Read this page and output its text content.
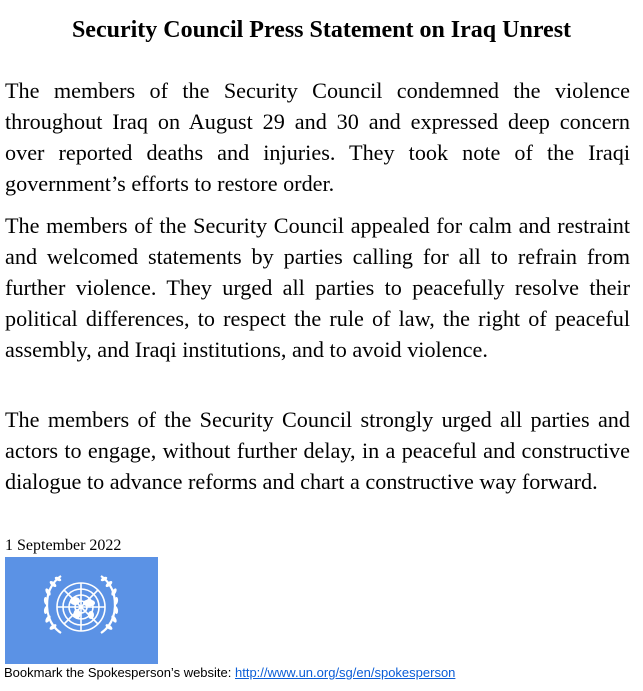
Security Council Press Statement on Iraq Unrest

The members of the Security Council condemned the violence throughout Iraq on August 29 and 30 and expressed deep concern over reported deaths and injuries. They took note of the Iraqi government’s efforts to restore order.

The members of the Security Council appealed for calm and restraint and welcomed statements by parties calling for all to refrain from further violence. They urged all parties to peacefully resolve their political differences, to respect the rule of law, the right of peaceful assembly, and Iraqi institutions, and to avoid violence.

The members of the Security Council strongly urged all parties and actors to engage, without further delay, in a peaceful and constructive dialogue to advance reforms and chart a constructive way forward.

1 September 2022

Bookmark the Spokesperson’s website: http://www.un.org/sg/en/spokesperson
